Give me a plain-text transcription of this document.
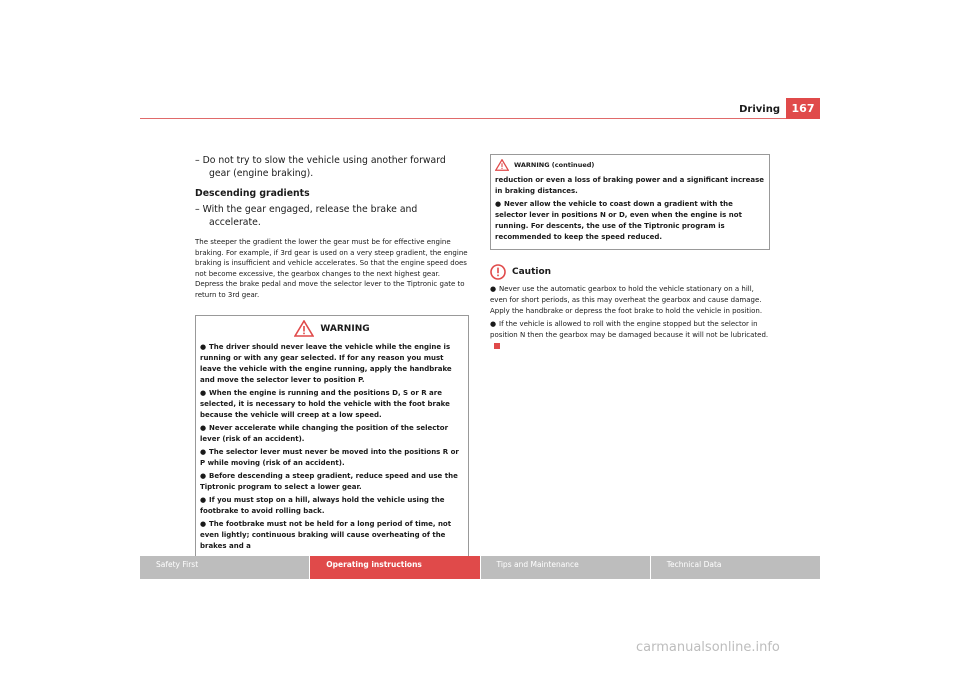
Driving	167

– Do not try to slow the vehicle using another forward gear (engine braking).

Descending gradients

– With the gear engaged, release the brake and accelerate.

The steeper the gradient the lower the gear must be for effective engine braking. For example, if 3rd gear is used on a very steep gradient, the engine braking is insufficient and vehicle accelerates. So that the engine speed does not become excessive, the gearbox changes to the next highest gear. Depress the brake pedal and move the selector lever to the Tiptronic gate to return to 3rd gear.

WARNING

● The driver should never leave the vehicle while the engine is running or with any gear selected. If for any reason you must leave the vehicle with the engine running, apply the handbrake and move the selector lever to position P.

● When the engine is running and the positions D, S or R are selected, it is necessary to hold the vehicle with the foot brake because the vehicle will creep at a low speed.

● Never accelerate while changing the position of the selector lever (risk of an accident).

● The selector lever must never be moved into the positions R or P while moving (risk of an accident).

● Before descending a steep gradient, reduce speed and use the Tiptronic program to select a lower gear.

● If you must stop on a hill, always hold the vehicle using the footbrake to avoid rolling back.

● The footbrake must not be held for a long period of time, not even lightly; continuous braking will cause overheating of the brakes and a

WARNING (continued)

reduction or even a loss of braking power and a significant increase in braking distances.

● Never allow the vehicle to coast down a gradient with the selector lever in positions N or D, even when the engine is not running. For descents, the use of the Tiptronic program is recommended to keep the speed reduced.

Caution

● Never use the automatic gearbox to hold the vehicle stationary on a hill, even for short periods, as this may overheat the gearbox and cause damage. Apply the handbrake or depress the foot brake to hold the vehicle in position.

● If the vehicle is allowed to roll with the engine stopped but the selector in position N then the gearbox may be damaged because it will not be lubricated.

Safety First	Operating instructions	Tips and Maintenance	Technical Data
carmanualsonline.info
